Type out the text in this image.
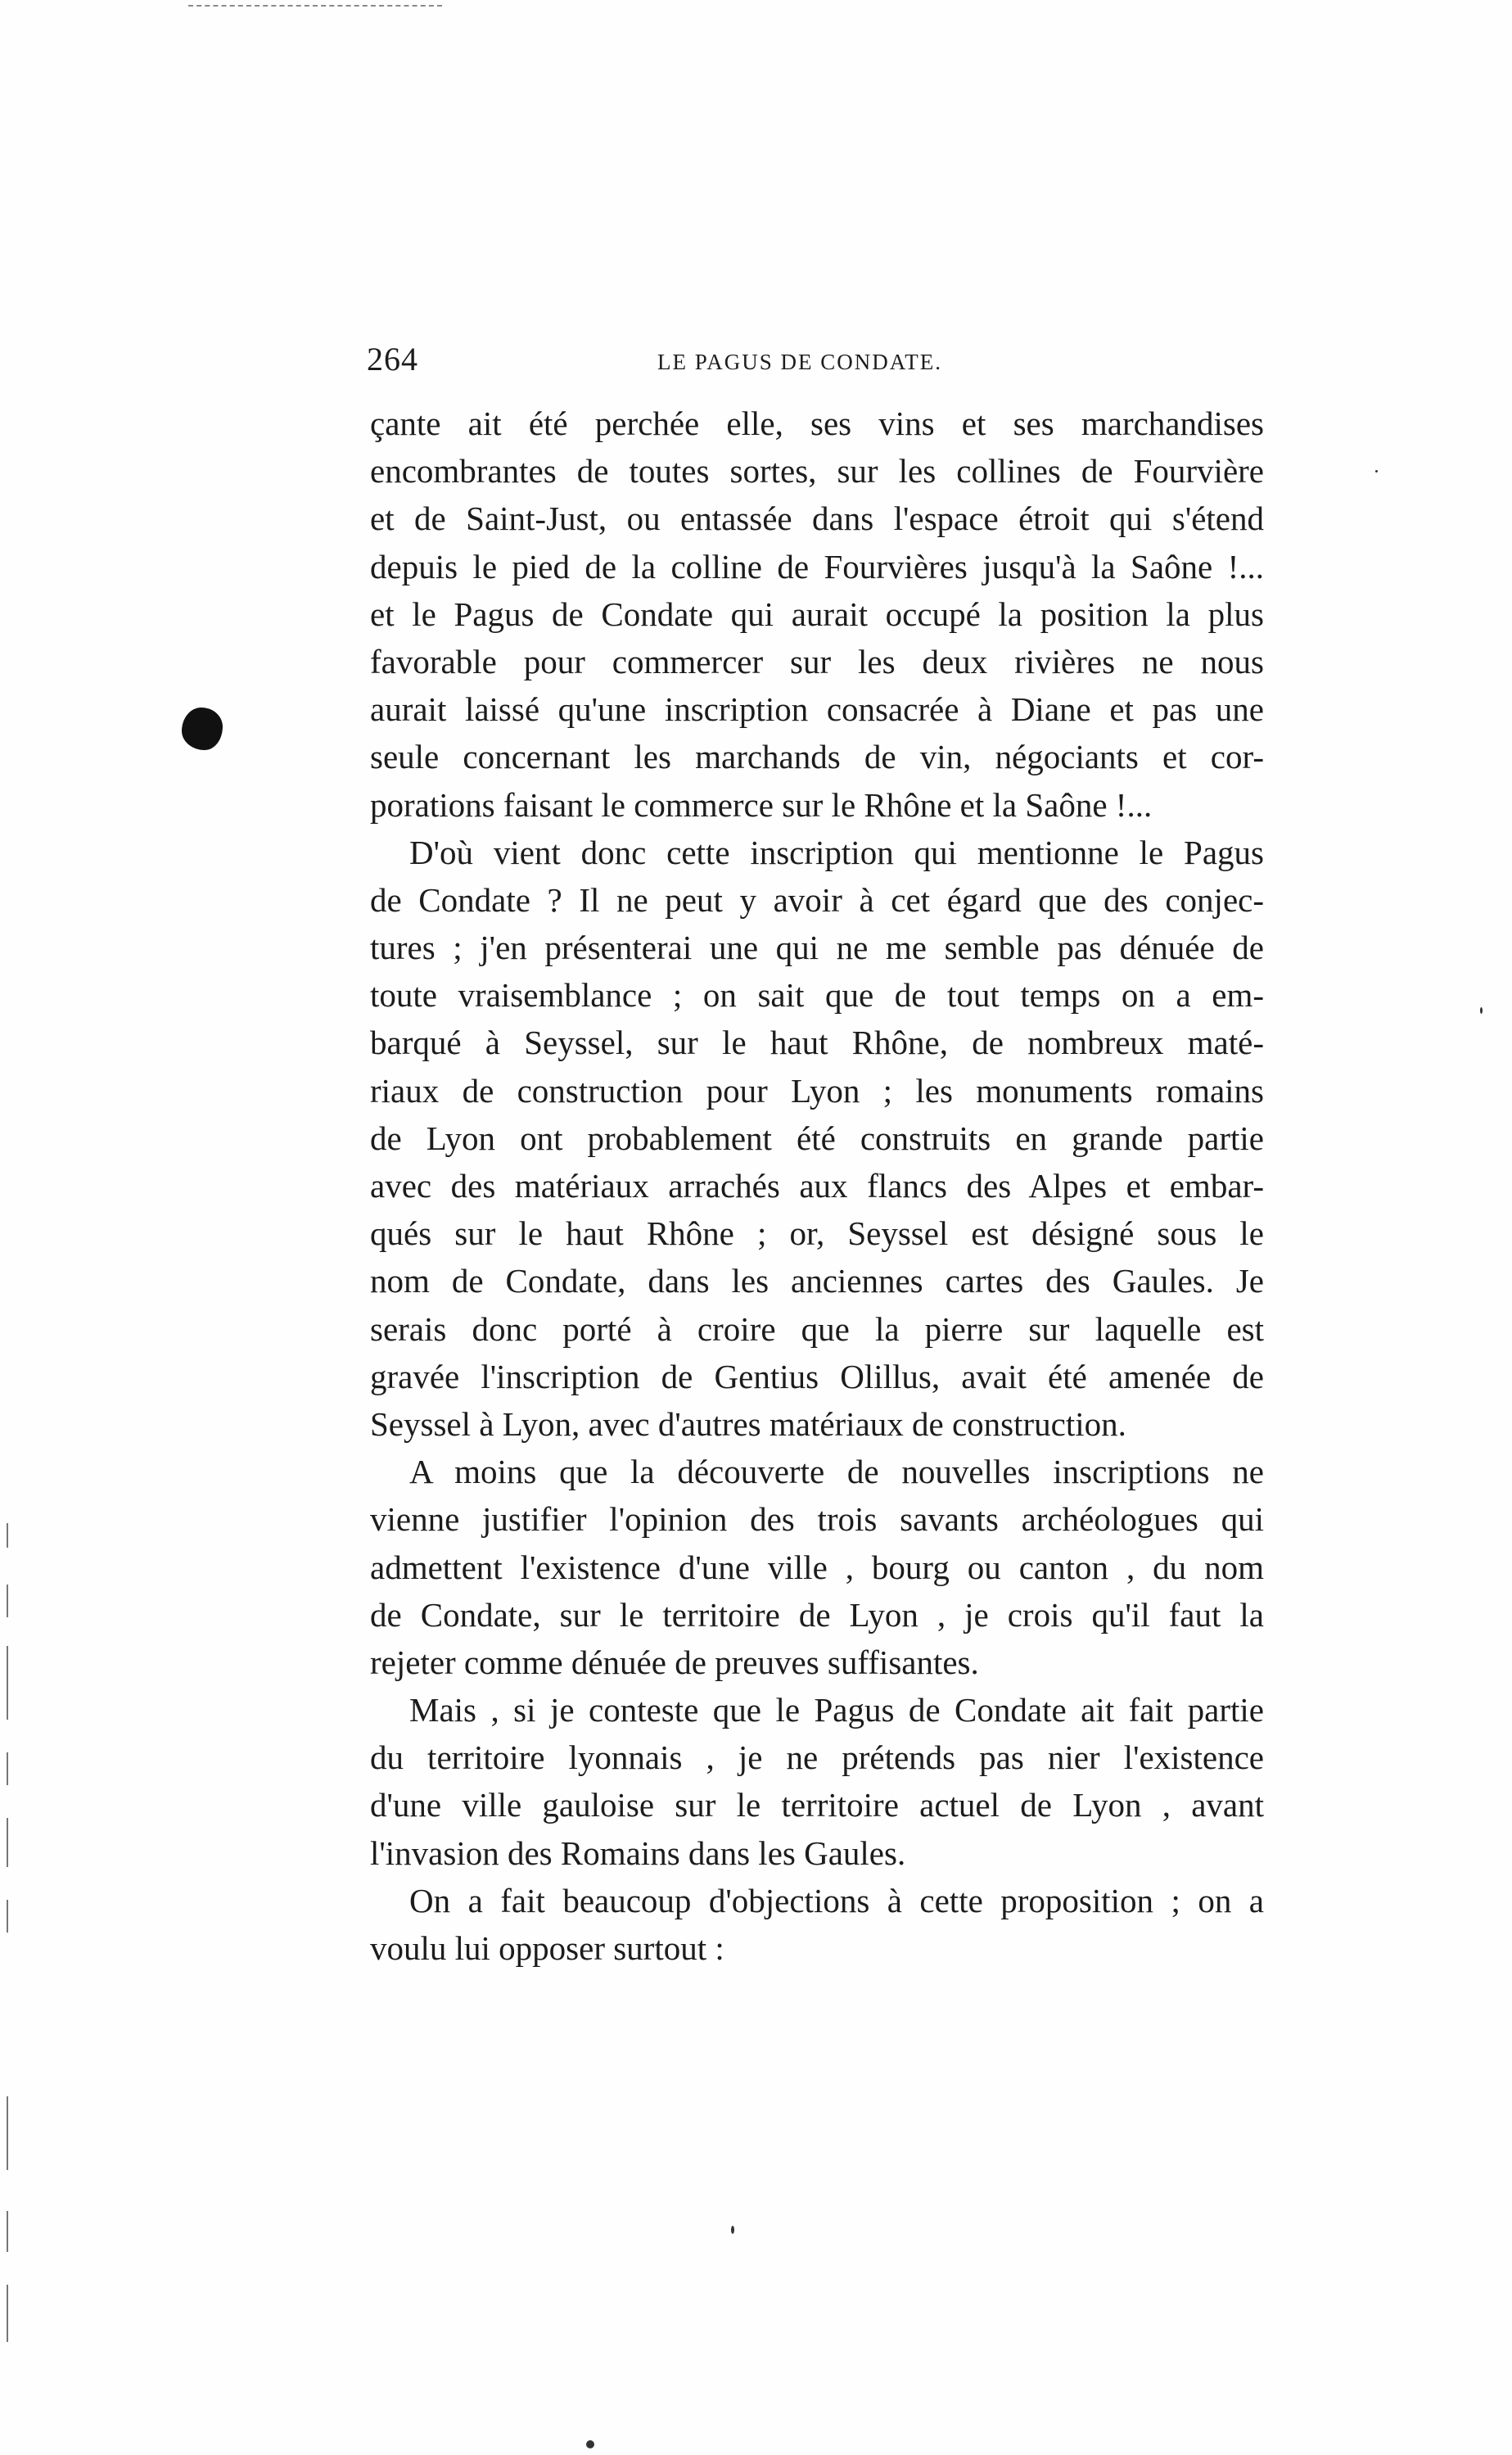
264	LE PAGUS DE CONDATE.
çante ait été perchée elle, ses vins et ses marchandises
encombrantes de toutes sortes, sur les collines de Fourvière
et de Saint-Just, ou entassée dans l'espace étroit qui s'étend
depuis le pied de la colline de Fourvières jusqu'à la Saône !...
et le Pagus de Condate qui aurait occupé la position la plus
favorable pour commercer sur les deux rivières ne nous
aurait laissé qu'une inscription consacrée à Diane et pas une
seule concernant les marchands de vin, négociants et cor-
porations faisant le commerce sur le Rhône et la Saône !...
D'où vient donc cette inscription qui mentionne le Pagus
de Condate ? Il ne peut y avoir à cet égard que des conjec-
tures ; j'en présenterai une qui ne me semble pas dénuée de
toute vraisemblance ; on sait que de tout temps on a em-
barqué à Seyssel, sur le haut Rhône, de nombreux maté-
riaux de construction pour Lyon ; les monuments romains
de Lyon ont probablement été construits en grande partie
avec des matériaux arrachés aux flancs des Alpes et embar-
qués sur le haut Rhône ; or, Seyssel est désigné sous le
nom de Condate, dans les anciennes cartes des Gaules. Je
serais donc porté à croire que la pierre sur laquelle est
gravée l'inscription de Gentius Olillus, avait été amenée de
Seyssel à Lyon, avec d'autres matériaux de construction.
A moins que la découverte de nouvelles inscriptions ne
vienne justifier l'opinion des trois savants archéologues qui
admettent l'existence d'une ville , bourg ou canton , du nom
de Condate, sur le territoire de Lyon , je crois qu'il faut la
rejeter comme dénuée de preuves suffisantes.
Mais , si je conteste que le Pagus de Condate ait fait partie
du territoire lyonnais , je ne prétends pas nier l'existence
d'une ville gauloise sur le territoire actuel de Lyon , avant
l'invasion des Romains dans les Gaules.
On a fait beaucoup d'objections à cette proposition ; on a
voulu lui opposer surtout :
